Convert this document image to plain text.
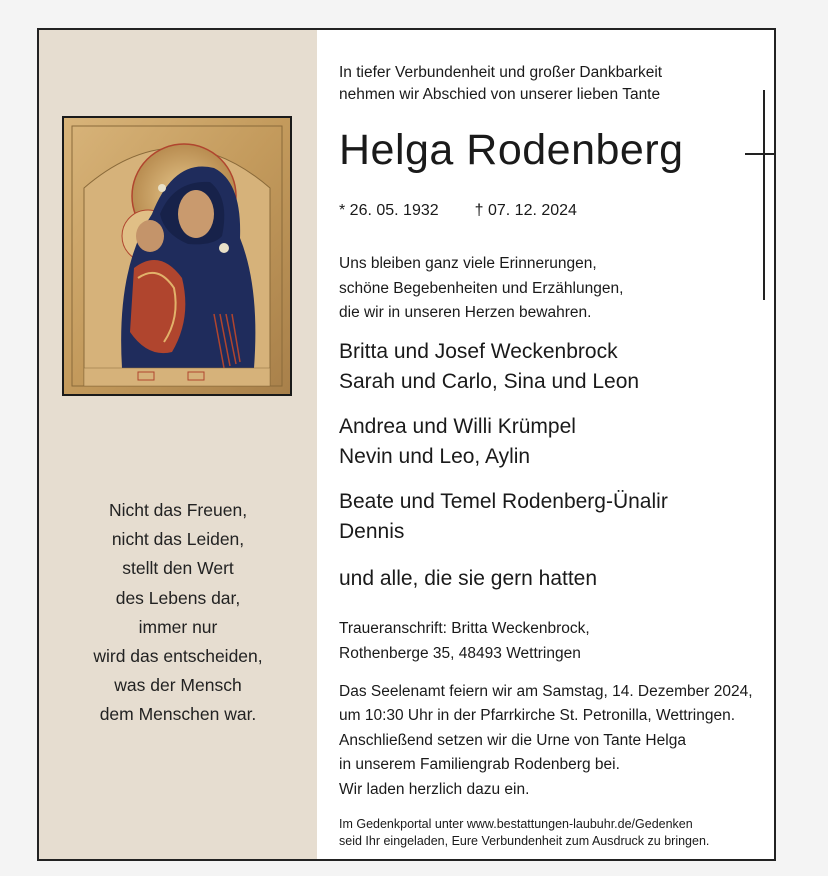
Nicht das Freuen,
nicht das Leiden,
stellt den Wert
des Lebens dar,
immer nur
wird das entscheiden,
was der Mensch
dem Menschen war.
In tiefer Verbundenheit und großer Dankbarkeit
nehmen wir Abschied von unserer lieben Tante
Helga Rodenberg
* 26. 05. 1932 † 07. 12. 2024
Uns bleiben ganz viele Erinnerungen,
schöne Begebenheiten und Erzählungen,
die wir in unseren Herzen bewahren.
Britta und Josef Weckenbrock
Sarah und Carlo, Sina und Leon
Andrea und Willi Krümpel
Nevin und Leo, Aylin
Beate und Temel Rodenberg-Ünalir
Dennis
und alle, die sie gern hatten
Traueranschrift: Britta Weckenbrock,
Rothenberge 35, 48493 Wettringen
Das Seelenamt feiern wir am Samstag, 14. Dezember 2024,
um 10:30 Uhr in der Pfarrkirche St. Petronilla, Wettringen.
Anschließend setzen wir die Urne von Tante Helga
in unserem Familiengrab Rodenberg bei.
Wir laden herzlich dazu ein.
Im Gedenkportal unter www.bestattungen-laubuhr.de/Gedenken
seid Ihr eingeladen, Eure Verbundenheit zum Ausdruck zu bringen.
